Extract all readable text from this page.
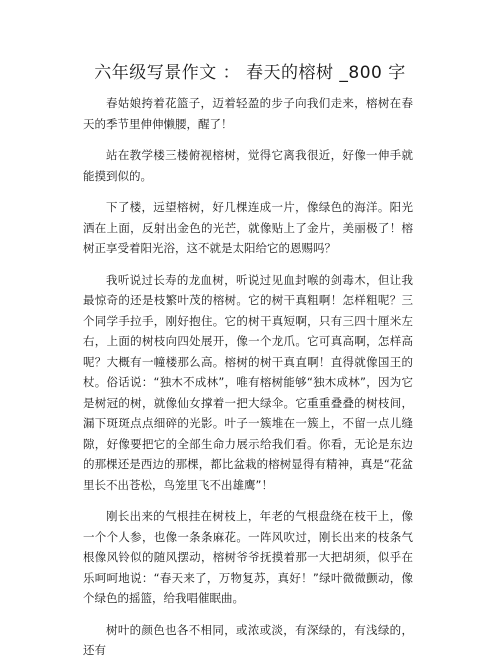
六年级写景作文 ： 春天的榕树 _800 字

春姑娘挎着花篮子，迈着轻盈的步子向我们走来，榕树在春天的季节里伸伸懒腰，醒了！

站在教学楼三楼俯视榕树，觉得它离我很近，好像一伸手就能摸到似的。

下了楼，远望榕树，好几棵连成一片，像绿色的海洋。阳光洒在上面，反射出金色的光芒，就像贴上了金片，美丽极了！榕树正享受着阳光浴，这不就是太阳给它的恩赐吗？

我听说过长寿的龙血树，听说过见血封喉的剑毒木，但让我最惊奇的还是枝繁叶茂的榕树。它的树干真粗啊！怎样粗呢？三个同学手拉手，刚好抱住。它的树干真短啊，只有三四十厘米左右，上面的树枝向四处展开，像一个龙爪。它可真高啊，怎样高呢？大概有一幢楼那么高。榕树的树干真直啊！直得就像国王的杖。俗话说：“独木不成林”，唯有榕树能够“独木成林”，因为它是树冠的树，就像仙女撑着一把大绿伞。它重重叠叠的树枝间，漏下斑斑点点细碎的光影。叶子一簇堆在一簇上，不留一点儿缝隙，好像要把它的全部生命力展示给我们看。你看，无论是东边的那棵还是西边的那棵，都比盆栽的榕树显得有精神，真是“花盆里长不出苍松，鸟笼里飞不出雄鹰”！

刚长出来的气根挂在树枝上，年老的气根盘绕在枝干上，像一个个人参，也像一条条麻花。一阵风吹过，刚长出来的枝条气根像风铃似的随风摆动，榕树爷爷抚摸着那一大把胡须，似乎在乐呵呵地说：“春天来了，万物复苏，真好！”绿叶微微颤动，像个绿色的摇篮，给我唱催眠曲。

树叶的颜色也各不相同，或浓或淡，有深绿的，有浅绿的，还有
